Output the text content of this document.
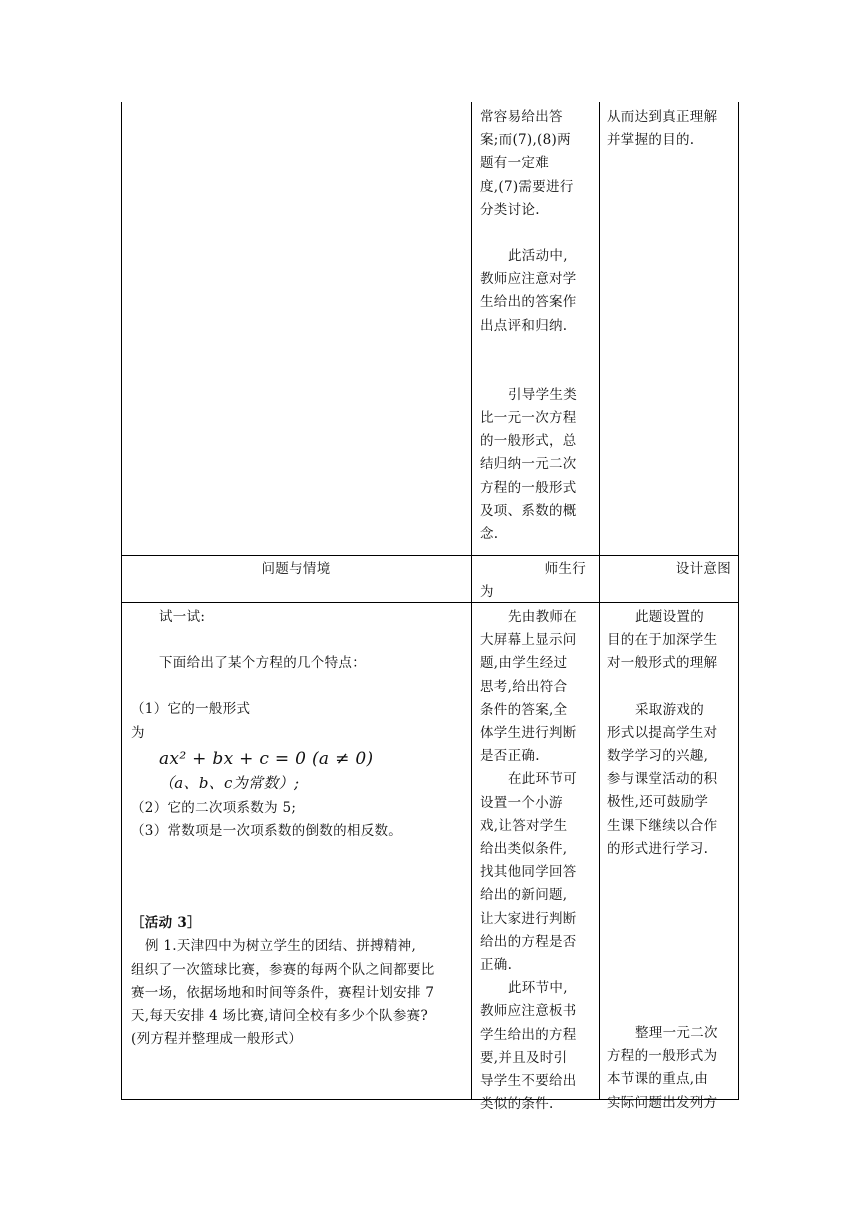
常容易给出答

案;而(7),(8)两

题有一定难

度,(7)需要进行

分类讨论.

此活动中,

教师应注意对学

生给出的答案作

出点评和归纳.

引导学生类

比一元一次方程

的一般形式，总

结归纳一元二次

方程的一般形式

及项、系数的概

念.

从而达到真正理解

并掌握的目的.

问题与情境	师生行

为

设计意图

试一试:

下面给出了某个方程的几个特点：

（1）它的一般形式

为

ax² + bx + c = 0 (a ≠ 0)

（a、b、c为常数）;

（2）它的二次项系数为 5;

（3）常数项是一次项系数的倒数的相反数。

［活动 3］

例 1.天津四中为树立学生的团结、拼搏精神,

组织了一次篮球比赛，参赛的每两个队之间都要比

赛一场，依据场地和时间等条件，赛程计划安排 7

天,每天安排 4 场比赛,请问全校有多少个队参赛?

(列方程并整理成一般形式）

先由教师在

大屏幕上显示问

题,由学生经过

思考,给出符合

条件的答案,全

体学生进行判断

是否正确.

在此环节可

设置一个小游

戏,让答对学生

给出类似条件,

找其他同学回答

给出的新问题,

让大家进行判断

给出的方程是否

正确.

此环节中,

教师应注意板书

学生给出的方程

要,并且及时引

导学生不要给出

类似的条件.

此题设置的

目的在于加深学生

对一般形式的理解

采取游戏的

形式以提高学生对

数学学习的兴趣,

参与课堂活动的积

极性,还可鼓励学

生课下继续以合作

的形式进行学习.

整理一元二次

方程的一般形式为

本节课的重点,由

实际问题出发列方
